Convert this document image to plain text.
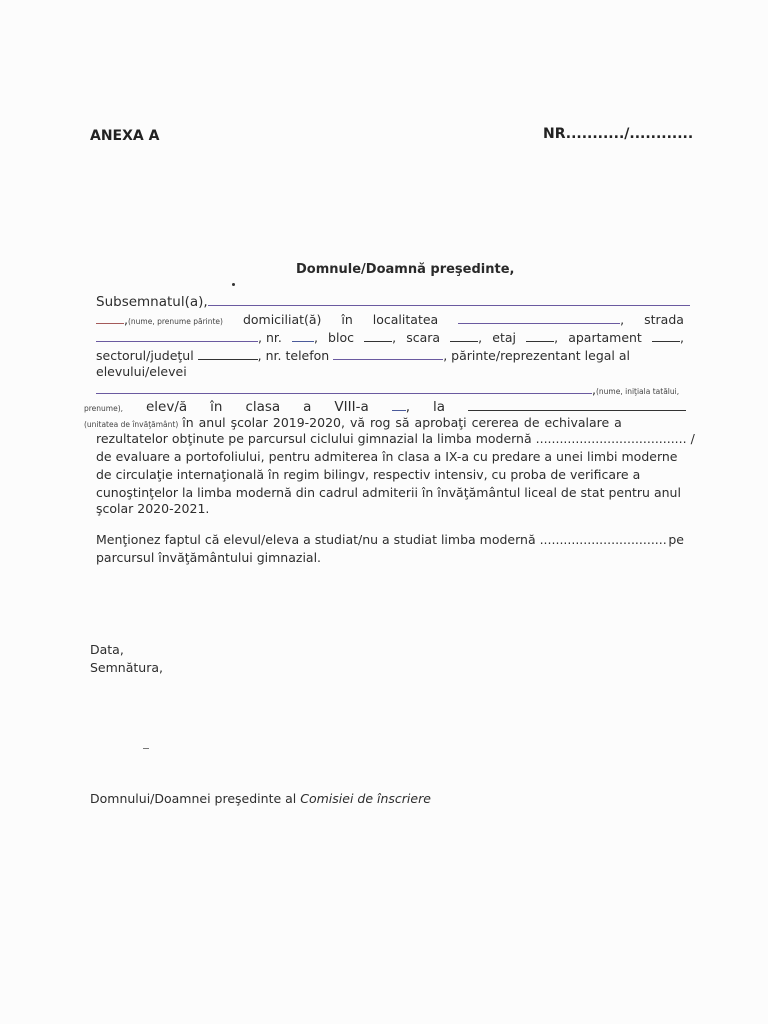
ANEXA A	NR.........../............
Domnule/Doamnă preşedinte,
Subsemnatul(a),
,(nume, prenume părinte) domiciliat(ă) în localitatea	, strada
, nr.	, bloc	, scara	, etaj	, apartament	,
sectorul/judeţul	, nr. telefon	, părinte/reprezentant legal al
elevului/elevei
,(nume, iniţiala tatălui,
prenume), elev/ă în clasa a VIII-a	, la
(unitatea de învăţământ) în anul şcolar 2019-2020, vă rog să aprobaţi cererea de echivalare a
rezultatelor obţinute pe parcursul ciclului gimnazial la limba modernă ...................................... /
de evaluare a portofoliului, pentru admiterea în clasa a IX-a cu predare a unei limbi moderne
de circulaţie internaţională în regim bilingv, respectiv intensiv, cu proba de verificare a
cunoştinţelor la limba modernă din cadrul admiterii în învăţământul liceal de stat pentru anul
şcolar 2020-2021.
Menţionez faptul că elevul/eleva a studiat/nu a studiat limba modernă ................................ pe
parcursul învăţământului gimnazial.
Data,
Semnătura,
Domnului/Doamnei preşedinte al Comisiei de înscriere
